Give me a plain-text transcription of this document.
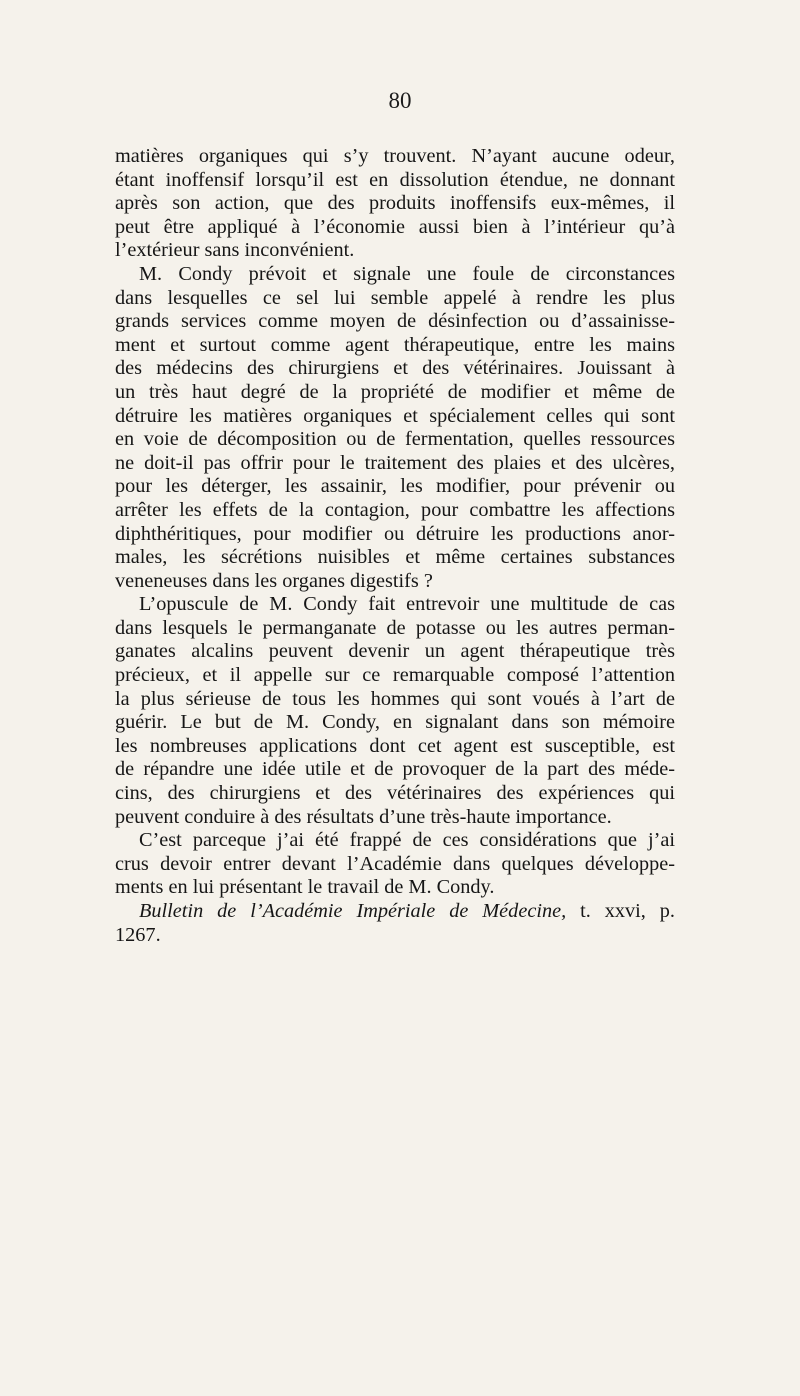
80
matières organiques qui s’y trouvent. N’ayant aucune odeur,
étant inoffensif lorsqu’il est en dissolution étendue, ne donnant
après son action, que des produits inoffensifs eux-mêmes, il
peut être appliqué à l’économie aussi bien à l’intérieur qu’à
l’extérieur sans inconvénient.
M. Condy prévoit et signale une foule de circonstances
dans lesquelles ce sel lui semble appelé à rendre les plus
grands services comme moyen de désinfection ou d’assainisse-
ment et surtout comme agent thérapeutique, entre les mains
des médecins des chirurgiens et des vétérinaires. Jouissant à
un très haut degré de la propriété de modifier et même de
détruire les matières organiques et spécialement celles qui sont
en voie de décomposition ou de fermentation, quelles ressources
ne doit-il pas offrir pour le traitement des plaies et des ulcères,
pour les déterger, les assainir, les modifier, pour prévenir ou
arrêter les effets de la contagion, pour combattre les affections
diphthéritiques, pour modifier ou détruire les productions anor-
males, les sécrétions nuisibles et même certaines substances
veneneuses dans les organes digestifs ?
L’opuscule de M. Condy fait entrevoir une multitude de cas
dans lesquels le permanganate de potasse ou les autres perman-
ganates alcalins peuvent devenir un agent thérapeutique très
précieux, et il appelle sur ce remarquable composé l’attention
la plus sérieuse de tous les hommes qui sont voués à l’art de
guérir. Le but de M. Condy, en signalant dans son mémoire
les nombreuses applications dont cet agent est susceptible, est
de répandre une idée utile et de provoquer de la part des méde-
cins, des chirurgiens et des vétérinaires des expériences qui
peuvent conduire à des résultats d’une très-haute importance.
C’est parceque j’ai été frappé de ces considérations que j’ai
crus devoir entrer devant l’Académie dans quelques développe-
ments en lui présentant le travail de M. Condy.
Bulletin de l’Académie Impériale de Médecine, t. xxvi, p.
1267.
